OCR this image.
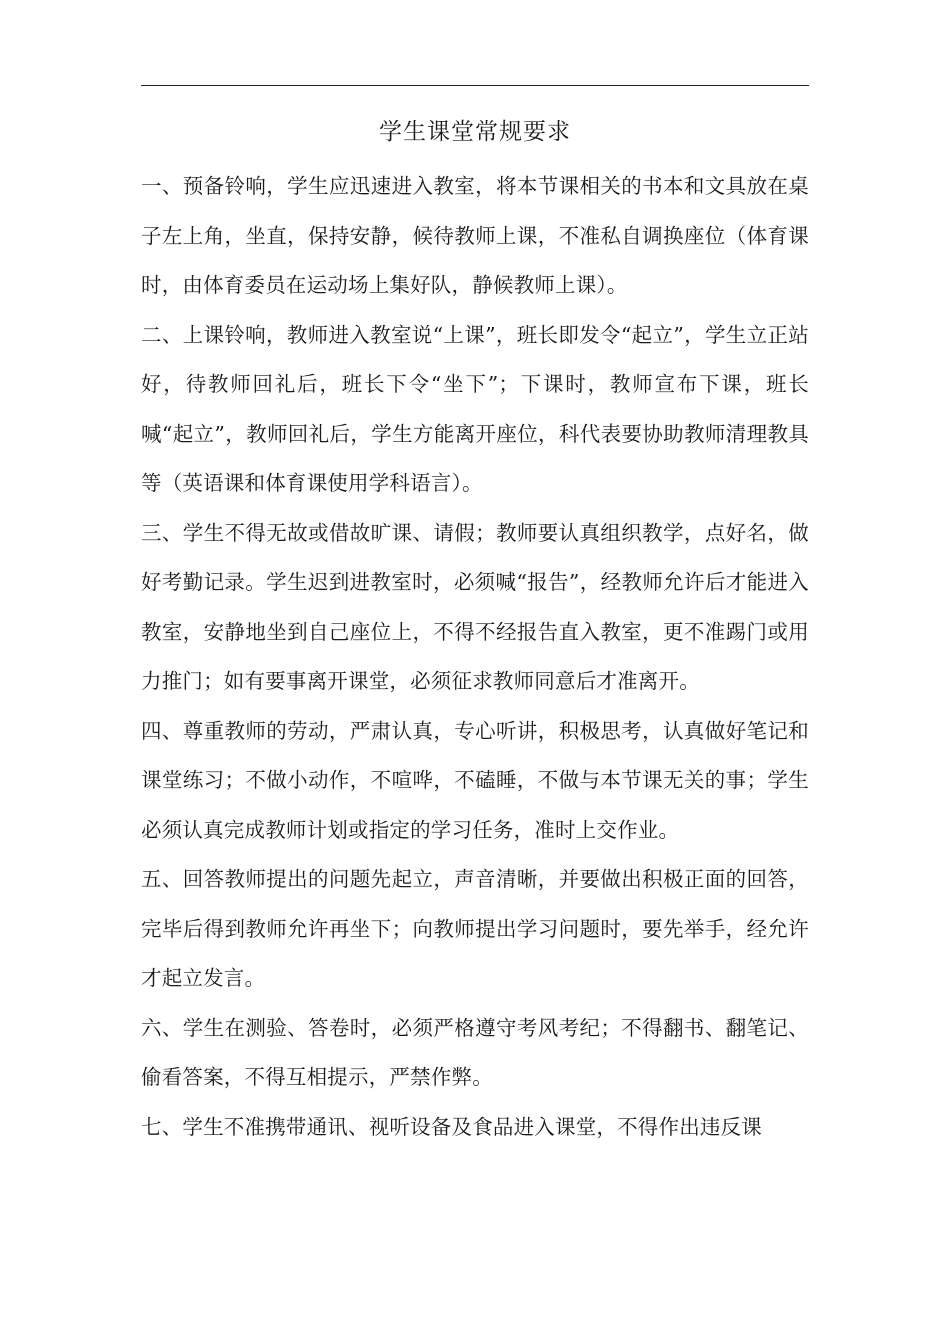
学生课堂常规要求

一、预备铃响，学生应迅速进入教室，将本节课相关的书本和文具放在桌子左上角，坐直，保持安静，候待教师上课，不准私自调换座位（体育课时，由体育委员在运动场上集好队，静候教师上课）。

二、上课铃响，教师进入教室说“上课”，班长即发令“起立”，学生立正站好，待教师回礼后，班长下令“坐下”；下课时，教师宣布下课，班长喊“起立”，教师回礼后，学生方能离开座位，科代表要协助教师清理教具等（英语课和体育课使用学科语言）。

三、学生不得无故或借故旷课、请假；教师要认真组织教学，点好名，做好考勤记录。学生迟到进教室时，必须喊“报告”，经教师允许后才能进入教室，安静地坐到自己座位上，不得不经报告直入教室，更不准踢门或用力推门；如有要事离开课堂，必须征求教师同意后才准离开。

四、尊重教师的劳动，严肃认真，专心听讲，积极思考，认真做好笔记和课堂练习；不做小动作，不喧哗，不磕睡，不做与本节课无关的事；学生必须认真完成教师计划或指定的学习任务，准时上交作业。

五、回答教师提出的问题先起立，声音清晰，并要做出积极正面的回答，完毕后得到教师允许再坐下；向教师提出学习问题时，要先举手，经允许才起立发言。

六、学生在测验、答卷时，必须严格遵守考风考纪；不得翻书、翻笔记、偷看答案，不得互相提示，严禁作弊。

七、学生不准携带通讯、视听设备及食品进入课堂，不得作出违反课
